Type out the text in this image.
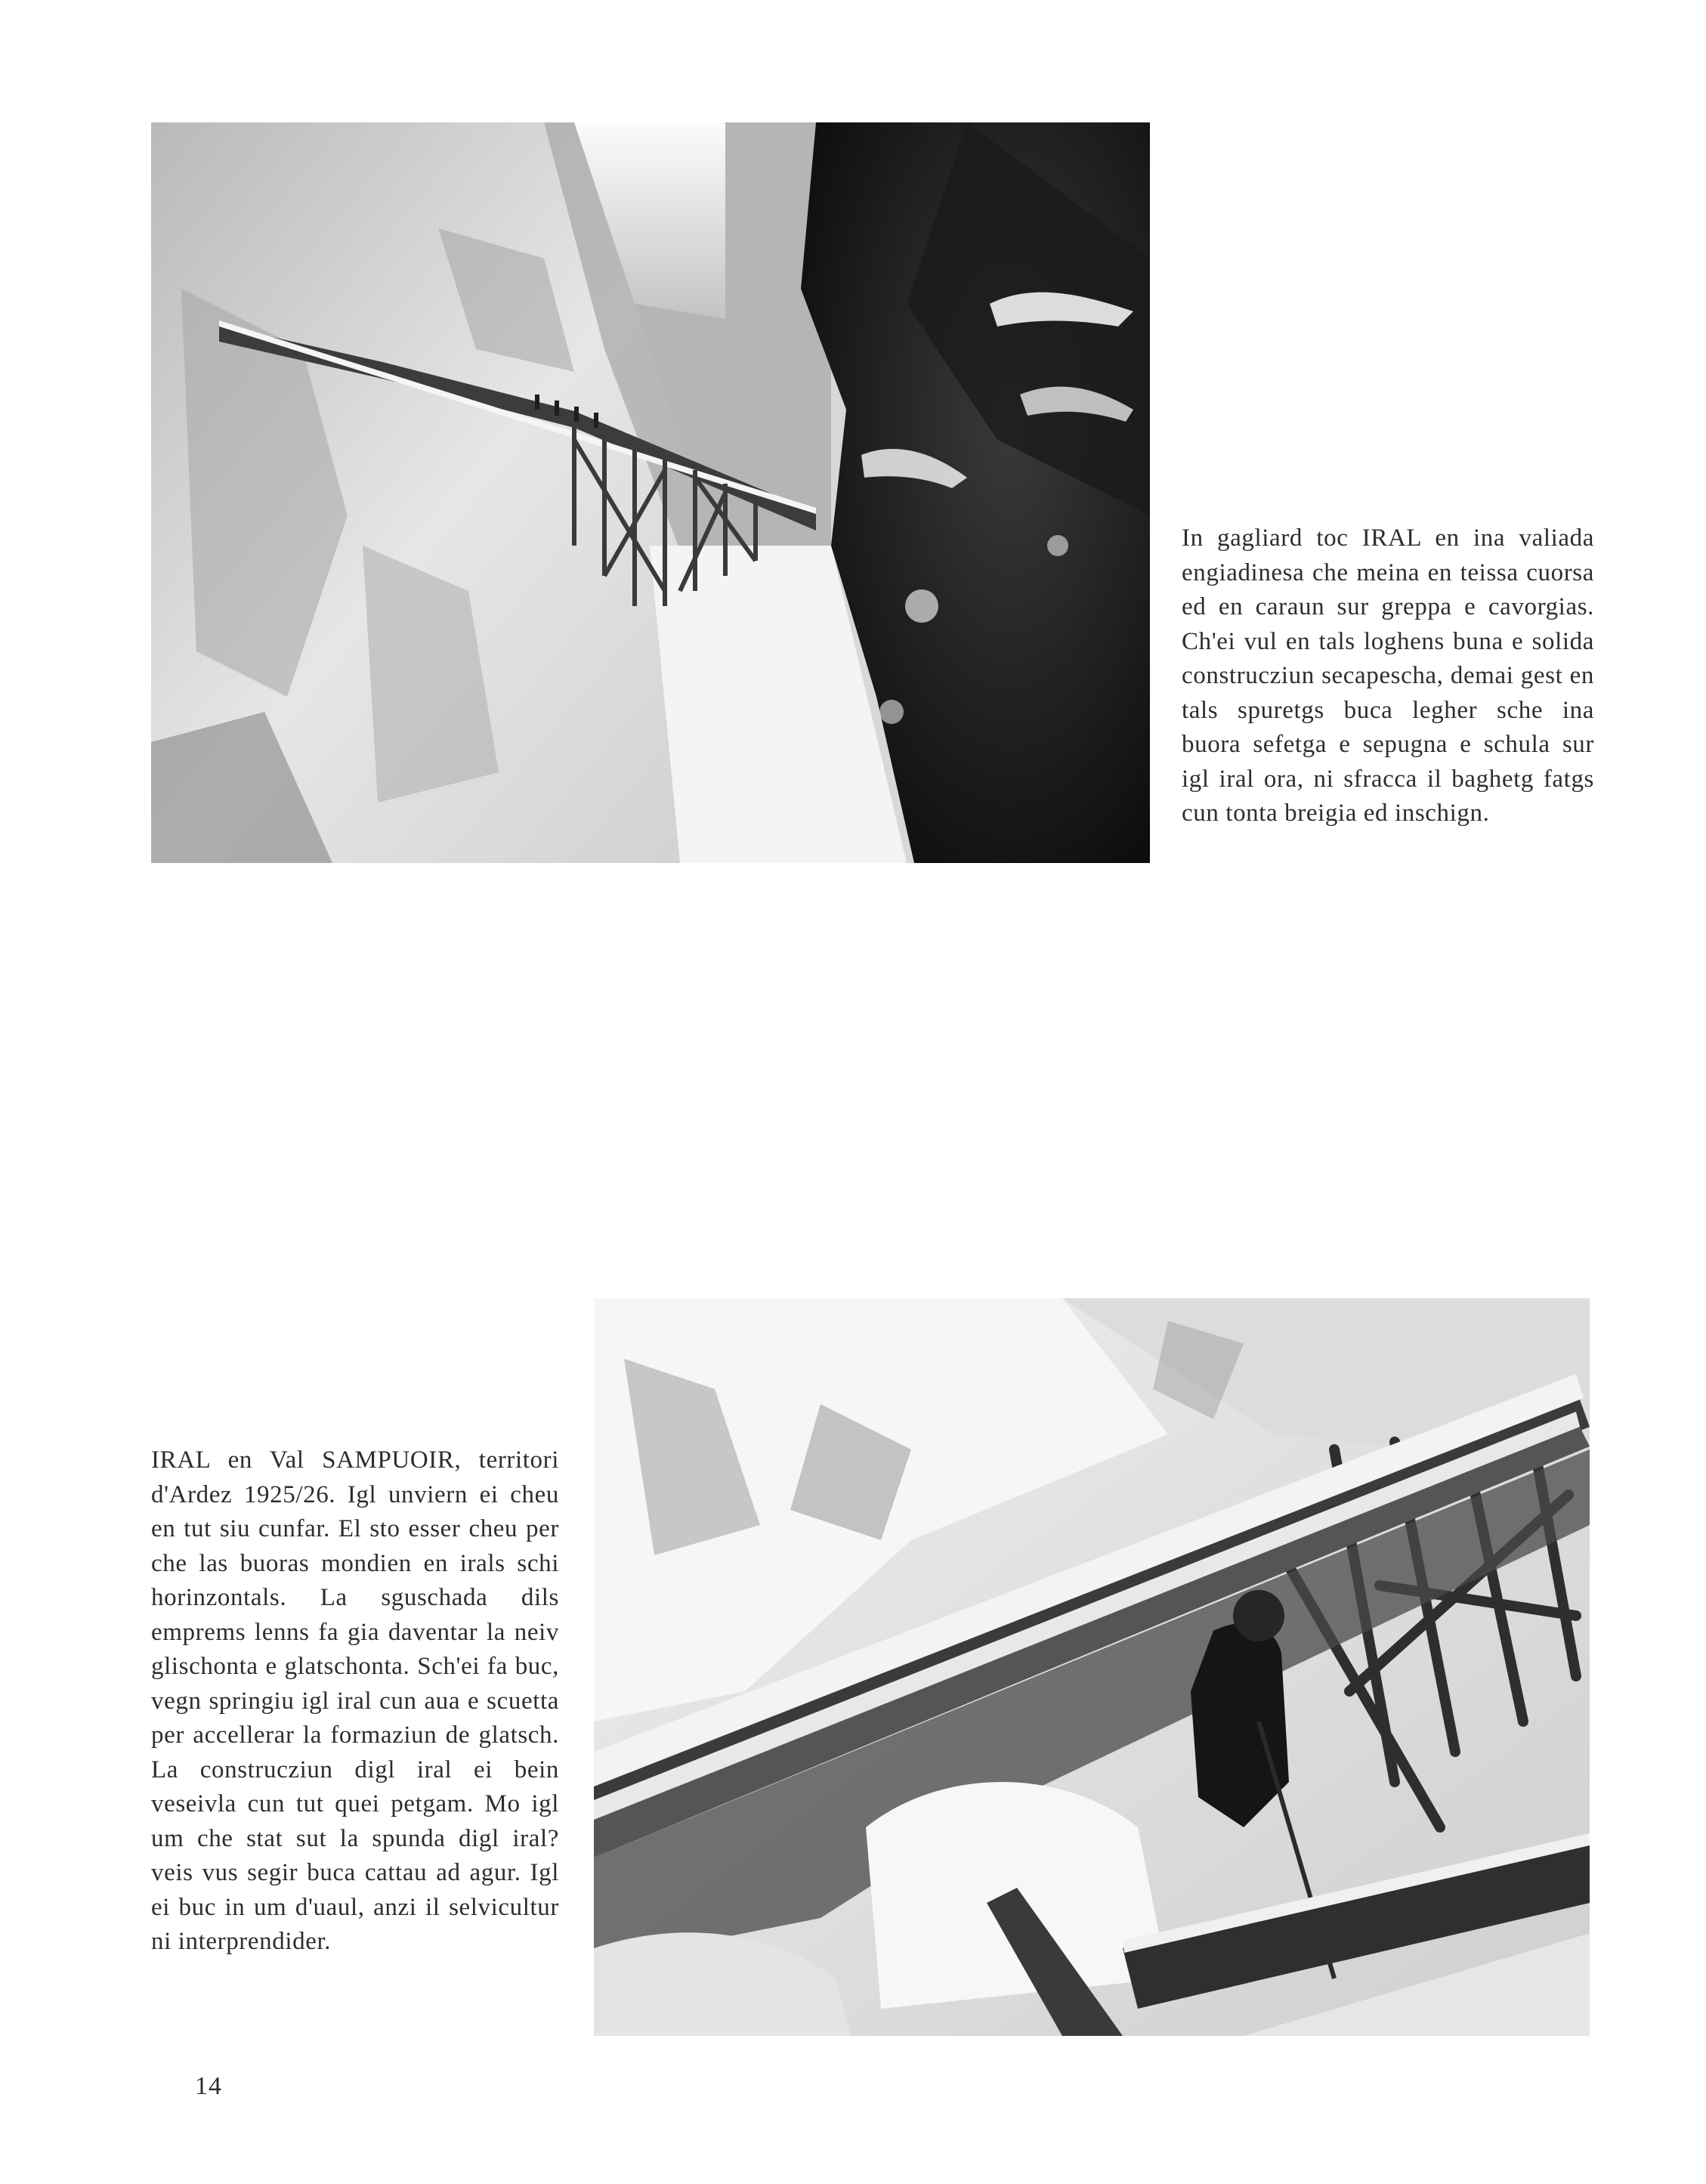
In gagliard toc IRAL en ina valiada engiadinesa che meina en teissa cuorsa ed en caraun sur greppa e cavorgias. Ch'ei vul en tals loghens buna e solida construcziun secapescha, demai gest en tals spuretgs buca legher sche ina buora sefetga e sepugna e schula sur igl iral ora, ni sfracca il baghetg fatgs cun tonta breigia ed inschign.

IRAL en Val SAMPUOIR, territori d'Ardez 1925/26. Igl unviern ei cheu en tut siu cunfar. El sto esser cheu per che las buoras mondien en irals schi horinzontals. La sguschada dils emprems lenns fa gia daventar la neiv glischonta e glatschonta. Sch'ei fa buc, vegn springiu igl iral cun aua e scuetta per accellerar la formaziun de glatsch. La construcziun digl iral ei bein veseivla cun tut quei petgam. Mo igl um che stat sut la spunda digl iral? veis vus segir buca cattau ad agur. Igl ei buc in um d'uaul, anzi il selvicultur ni interprendider.

14
